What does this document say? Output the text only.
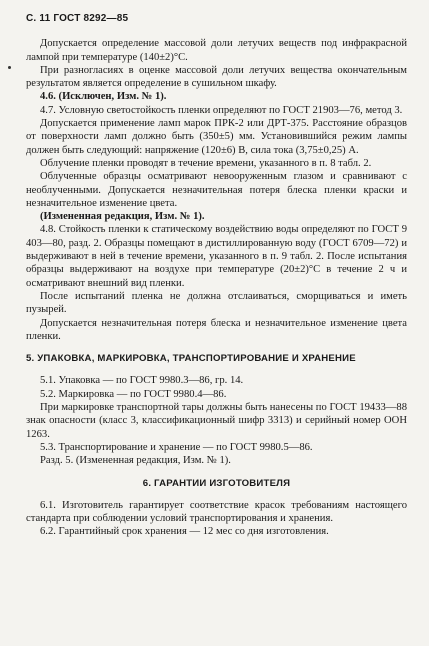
С. 11 ГОСТ 8292—85

Допускается определение массовой доли летучих веществ под инфракрасной лампой при температуре (140±2)°С.

При разногласиях в оценке массовой доли летучих вещества окончательным результатом является определение в сушильном шкафу.

4.6. (Исключен, Изм. № 1).

4.7. Условную светостойкость пленки определяют по ГОСТ 21903—76, метод 3.

Допускается применение ламп марок ПРК-2 или ДРТ-375. Расстояние образцов от поверхности ламп должно быть (350±5) мм. Установившийся режим лампы должен быть следующий: напряжение (120±6) В, сила тока (3,75±0,25) А.

Облучение пленки проводят в течение времени, указанного в п. 8 табл. 2.

Облученные образцы осматривают невооруженным глазом и сравнивают с необлученными. Допускается незначительная потеря блеска пленки краски и незначительное изменение цвета.

(Измененная редакция, Изм. № 1).

4.8. Стойкость пленки к статическому воздействию воды определяют по ГОСТ 9 403—80, разд. 2. Образцы помещают в дистиллированную воду (ГОСТ 6709—72) и выдерживают в ней в течение времени, указанного в п. 9 табл. 2. После испытания образцы выдерживают на воздухе при температуре (20±2)°С в течение 2 ч и осматривают внешний вид пленки.

После испытаний пленка не должна отслаиваться, сморщиваться и иметь пузырей.

Допускается незначительная потеря блеска и незначительное изменение цвета пленки.

5. УПАКОВКА, МАРКИРОВКА, ТРАНСПОРТИРОВАНИЕ И ХРАНЕНИЕ

5.1. Упаковка — по ГОСТ 9980.3—86, гр. 14.

5.2. Маркировка — по ГОСТ 9980.4—86.

При маркировке транспортной тары должны быть нанесены по ГОСТ 19433—88 знак опасности (класс 3, классификационный шифр 3313) и серийный номер ООН 1263.

5.3. Транспортирование и хранение — по ГОСТ 9980.5—86.

Разд. 5. (Измененная редакция, Изм. № 1).

6. ГАРАНТИИ ИЗГОТОВИТЕЛЯ

6.1. Изготовитель гарантирует соответствие красок требованиям настоящего стандарта при соблюдении условий транспортирования и хранения.

6.2. Гарантийный срок хранения — 12 мес со дня изготовления.
